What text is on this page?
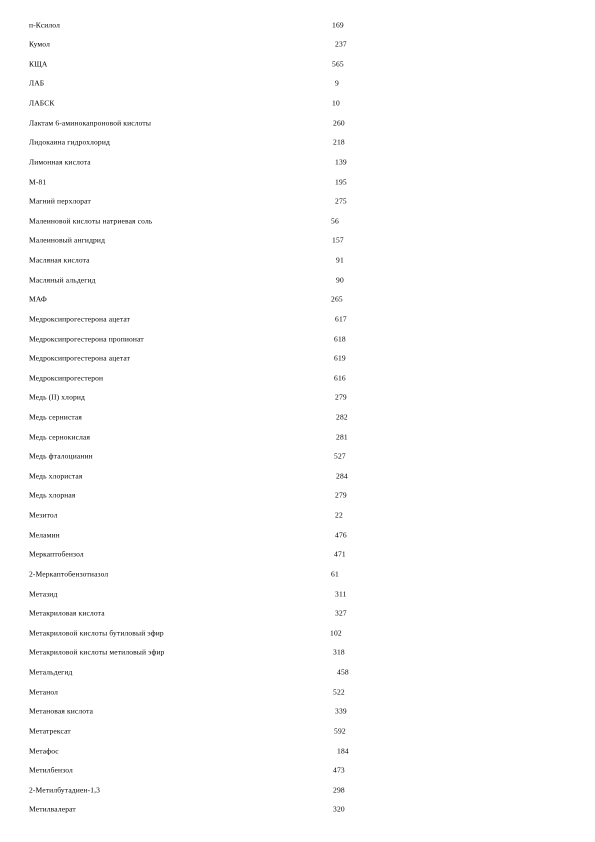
п-Ксилол	169
Кумол	237
КЩА	565
ЛАБ	9
ЛАБСК	10
Лактам 6-аминокапроновой кислоты	260
Лидокаина гидрохлорид	218
Лимонная кислота	139
М-81	195
Магний перхлорат	275
Малеиновой кислоты натриевая соль	56
Малеиновый ангидрид	157
Масляная кислота	91
Масляный альдегид	90
МАФ	265
Медроксипрогестерона ацетат	617
Медроксипрогестерона пропионат	618
Медроксипрогестерона ацетат	619
Медроксипрогестерон	616
Медь (II) хлорид	279
Медь сернистая	282
Медь сернокислая	281
Медь фталоцианин	527
Медь хлористая	284
Медь хлорная	279
Мезитол	22
Меламин	476
Меркаптобензол	471
2-Меркаптобензотиазол	61
Метазид	311
Метакриловая кислота	327
Метакриловой кислоты бутиловый эфир	102
Метакриловой кислоты метиловый эфир	318
Метальдегид	458
Метанол	522
Метановая кислота	339
Метатрексат	592
Метафос	184
Метилбензол	473
2-Метилбутадиен-1,3	298
Метилвалерат	320
